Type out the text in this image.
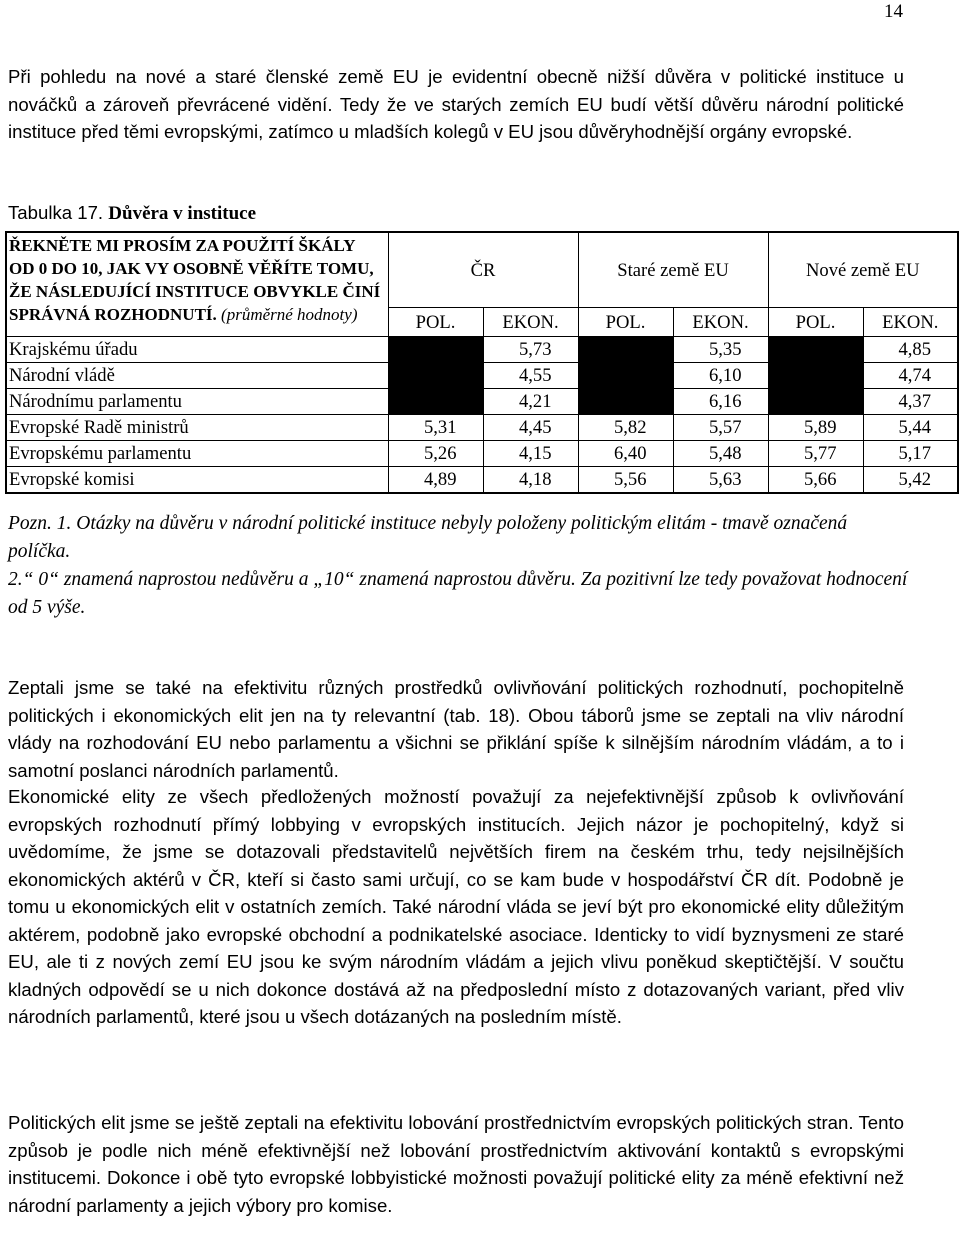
14

Při pohledu na nové a staré členské země EU je evidentní obecně nižší důvěra v politické instituce u nováčků a zároveň převrácené vidění. Tedy že ve starých zemích EU budí větší důvěru národní politické instituce před těmi evropskými, zatímco u mladších kolegů v EU jsou důvěryhodnější orgány evropské.

Tabulka 17. Důvěra v instituce

ŘEKNĚTE MI PROSÍM ZA POUŽITÍ ŠKÁLY OD 0 DO 10, JAK VY OSOBNĚ VĚŘÍTE TOMU, ŽE NÁSLEDUJÍCÍ INSTITUCE OBVYKLE ČINÍ SPRÁVNÁ ROZHODNUTÍ. (průměrné hodnoty)	ČR		Staré země EU		Nové země EU	
	POL.	EKON.	POL.	EKON.	POL.	EKON.
Krajskému úřadu		5,73		5,35		4,85
Národní vládě		4,55		6,10		4,74
Národnímu parlamentu		4,21		6,16		4,37
Evropské Radě ministrů	5,31	4,45	5,82	5,57	5,89	5,44
Evropskému parlamentu	5,26	4,15	6,40	5,48	5,77	5,17
Evropské komisi	4,89	4,18	5,56	5,63	5,66	5,42
Pozn. 1. Otázky na důvěru v národní politické instituce nebyly položeny politickým elitám - tmavě označená políčka.
2.“ 0“ znamená naprostou nedůvěru a „10“ znamená naprostou důvěru. Za pozitivní lze tedy považovat hodnocení od 5 výše.

Zeptali jsme se také na efektivitu různých prostředků ovlivňování politických rozhodnutí, pochopitelně politických i ekonomických elit jen na ty relevantní (tab. 18). Obou táborů jsme se zeptali na vliv národní vlády na rozhodování EU nebo parlamentu a všichni se přiklání spíše k silnějším národním vládám, a to i samotní poslanci národních parlamentů.

Ekonomické elity ze všech předložených možností považují za nejefektivnější způsob k ovlivňování evropských rozhodnutí přímý lobbying v evropských institucích. Jejich názor je pochopitelný, když si uvědomíme, že jsme se dotazovali představitelů největších firem na českém trhu, tedy nejsilnějších ekonomických aktérů v ČR, kteří si často sami určují, co se kam bude v hospodářství ČR dít. Podobně je tomu u ekonomických elit v ostatních zemích. Také národní vláda se jeví být pro ekonomické elity důležitým aktérem, podobně jako evropské obchodní a podnikatelské asociace. Identicky to vidí byznysmeni ze staré EU, ale ti z nových zemí EU jsou ke svým národním vládám a jejich vlivu poněkud skeptičtější. V součtu kladných odpovědí se u nich dokonce dostává až na předposlední místo z dotazovaných variant, před vliv národních parlamentů, které jsou u všech dotázaných na posledním místě.

Politických elit jsme se ještě zeptali na efektivitu lobování prostřednictvím evropských politických stran. Tento způsob je podle nich méně efektivnější než lobování prostřednictvím aktivování kontaktů s evropskými institucemi. Dokonce i obě tyto evropské lobbyistické možnosti považují politické elity za méně efektivní než národní parlamenty a jejich výbory pro komise.
